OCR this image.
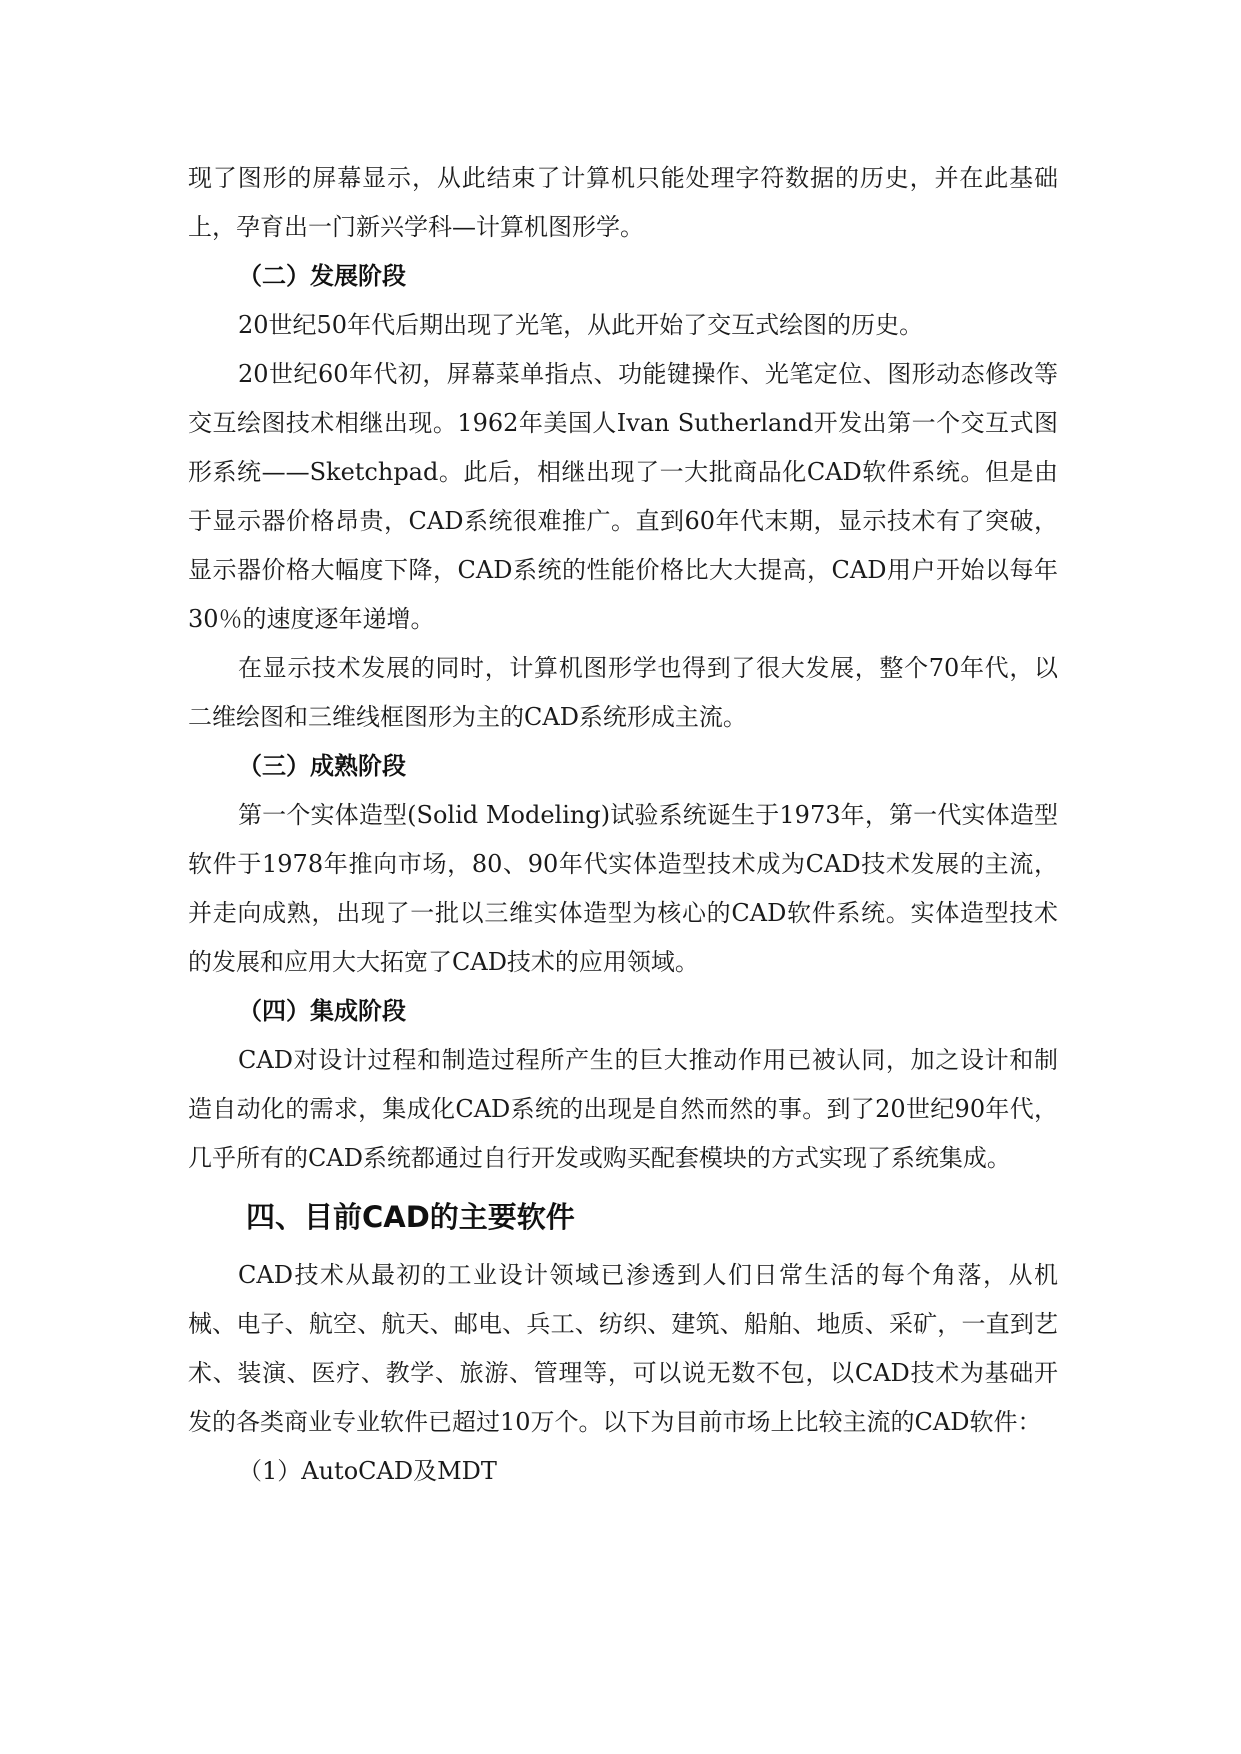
现了图形的屏幕显示，从此结束了计算机只能处理字符数据的历史，并在此基础上，孕育出一门新兴学科—计算机图形学。

（二）发展阶段

20世纪50年代后期出现了光笔，从此开始了交互式绘图的历史。

20世纪60年代初，屏幕菜单指点、功能键操作、光笔定位、图形动态修改等交互绘图技术相继出现。1962年美国人Ivan Sutherland开发出第一个交互式图形系统——Sketchpad。此后，相继出现了一大批商品化CAD软件系统。但是由于显示器价格昂贵，CAD系统很难推广。直到60年代末期，显示技术有了突破，显示器价格大幅度下降，CAD系统的性能价格比大大提高，CAD用户开始以每年30％的速度逐年递增。

在显示技术发展的同时，计算机图形学也得到了很大发展，整个70年代，以二维绘图和三维线框图形为主的CAD系统形成主流。

（三）成熟阶段

第一个实体造型(Solid Modeling)试验系统诞生于1973年，第一代实体造型软件于1978年推向市场，80、90年代实体造型技术成为CAD技术发展的主流，并走向成熟，出现了一批以三维实体造型为核心的CAD软件系统。实体造型技术的发展和应用大大拓宽了CAD技术的应用领域。

（四）集成阶段

CAD对设计过程和制造过程所产生的巨大推动作用已被认同，加之设计和制造自动化的需求，集成化CAD系统的出现是自然而然的事。到了20世纪90年代，几乎所有的CAD系统都通过自行开发或购买配套模块的方式实现了系统集成。

四、目前CAD的主要软件

CAD技术从最初的工业设计领域已渗透到人们日常生活的每个角落，从机械、电子、航空、航天、邮电、兵工、纺织、建筑、船舶、地质、采矿，一直到艺术、装演、医疗、教学、旅游、管理等，可以说无数不包，以CAD技术为基础开发的各类商业专业软件已超过10万个。以下为目前市场上比较主流的CAD软件：

（1）AutoCAD及MDT
